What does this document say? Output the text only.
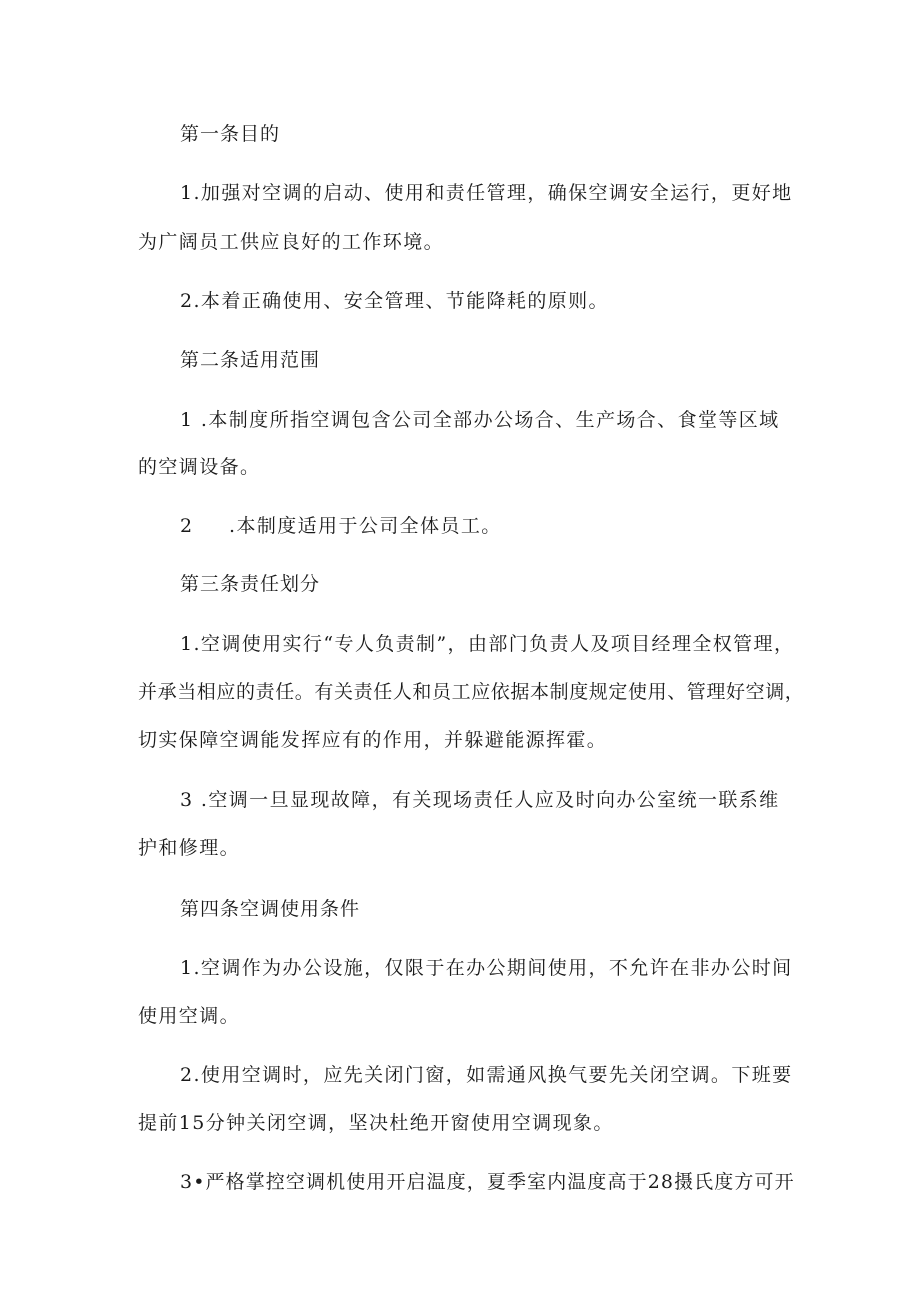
第一条目的
1.加强对空调的启动、使用和责任管理，确保空调安全运行，更好地
为广阔员工供应良好的工作环境。
2.本着正确使用、安全管理、节能降耗的原则。
第二条适用范围
1 .本制度所指空调包含公司全部办公场合、生产场合、食堂等区域
的空调设备。
2 .本制度适用于公司全体员工。
第三条责任划分
1.空调使用实行“专人负责制”，由部门负责人及项目经理全权管理，
并承当相应的责任。有关责任人和员工应依据本制度规定使用、管理好空调，
切实保障空调能发挥应有的作用，并躲避能源挥霍。
3 .空调一旦显现故障，有关现场责任人应及时向办公室统一联系维
护和修理。
第四条空调使用条件
1.空调作为办公设施，仅限于在办公期间使用，不允许在非办公时间
使用空调。
2.使用空调时，应先关闭门窗，如需通风换气要先关闭空调。下班要
提前15分钟关闭空调，坚决杜绝开窗使用空调现象。
3•严格掌控空调机使用开启温度，夏季室内温度高于28摄氏度方可开
